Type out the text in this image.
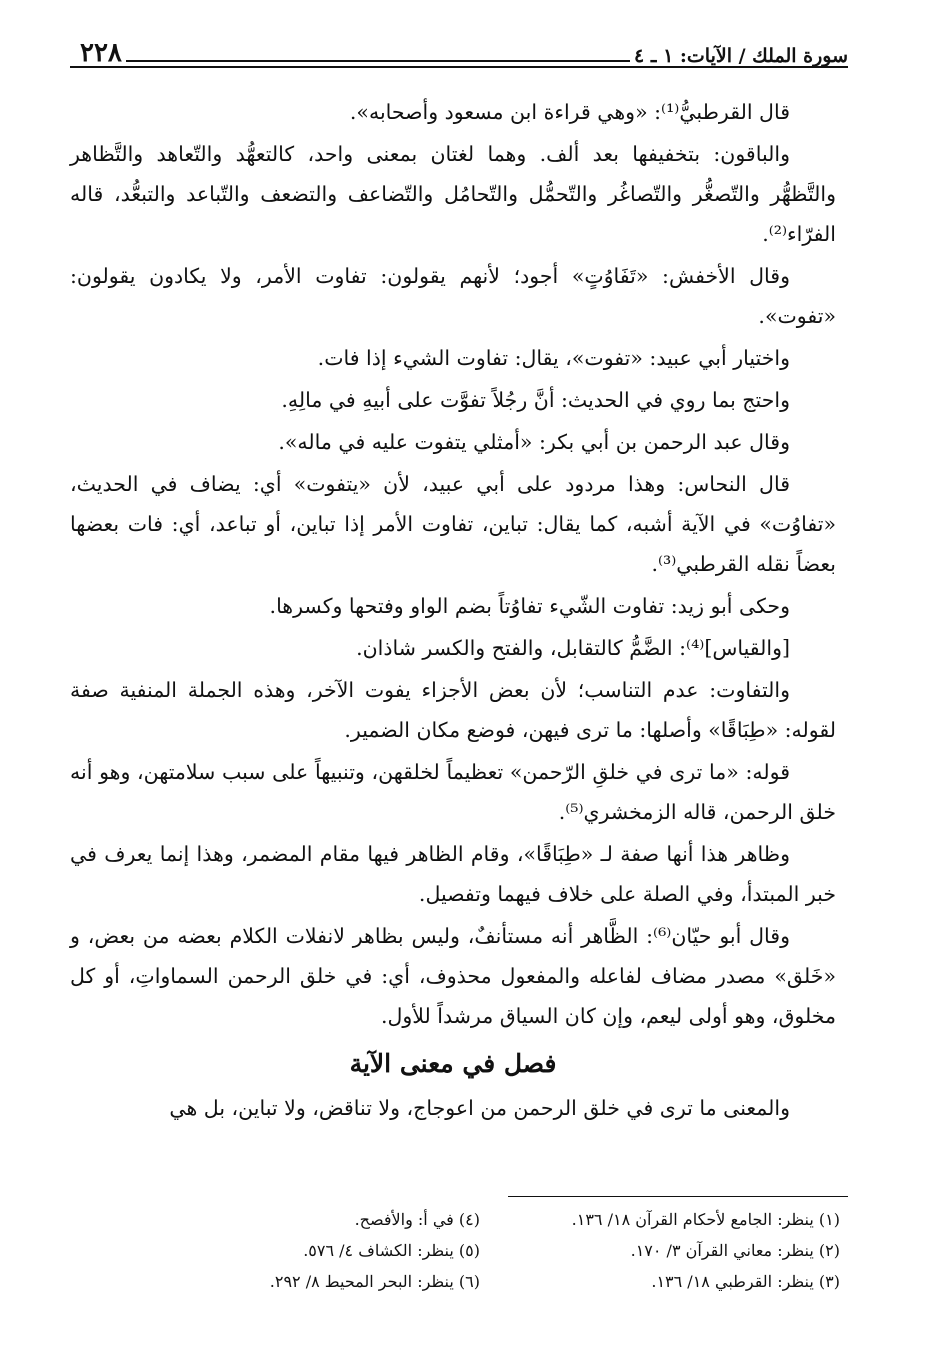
سورة الملك / الآيات: ١ ـ ٤
٢٢٨

قال القرطبيُّ⁽¹⁾: «وهي قراءة ابن مسعود وأصحابه».

والباقون: بتخفيفها بعد ألف. وهما لغتان بمعنى واحد، كالتعهُّد والتّعاهد والتَّظاهر والتَّظهُّر والتّصغُّر والتّصاغُر والتّحمُّل والتّحامُل والتّضاعف والتضعف والتّباعد والتبعُّد، قاله الفرّاء⁽²⁾.

وقال الأخفش: «تَفَاوُتٍ» أجود؛ لأنهم يقولون: تفاوت الأمر، ولا يكادون يقولون: «تفوت».

واختيار أبي عبيد: «تفوت»، يقال: تفاوت الشيء إذا فات.

واحتج بما روي في الحديث: أنَّ رجُلاً تفوَّت على أبيهِ في مالِهِ.

وقال عبد الرحمن بن أبي بكر: «أمثلي يتفوت عليه في ماله».

قال النحاس: وهذا مردود على أبي عبيد، لأن «يتفوت» أي: يضاف في الحديث، «تفاوُت» في الآية أشبه، كما يقال: تباين، تفاوت الأمر إذا تباين، أو تباعد، أي: فات بعضها بعضاً نقله القرطبي⁽³⁾.

وحكى أبو زيد: تفاوت الشّيء تفاوُتاً بضم الواو وفتحها وكسرها.

[والقياس]⁽⁴⁾: الضَّمُّ كالتقابل، والفتح والكسر شاذان.

والتفاوت: عدم التناسب؛ لأن بعض الأجزاء يفوت الآخر، وهذه الجملة المنفية صفة لقوله: «طِبَاقًا» وأصلها: ما ترى فيهن، فوضع مكان الضمير.

قوله: «ما ترى في خلقِ الرّحمن» تعظيماً لخلقهن، وتنبيهاً على سبب سلامتهن، وهو أنه خلق الرحمن، قاله الزمخشري⁽⁵⁾.

وظاهر هذا أنها صفة لـ «طِبَاقًا»، وقام الظاهر فيها مقام المضمر، وهذا إنما يعرف في خبر المبتدأ، وفي الصلة على خلاف فيهما وتفصيل.

وقال أبو حيّان⁽⁶⁾: الظَّاهر أنه مستأنفٌ، وليس بظاهر لانفلات الكلام بعضه من بعض، و «خَلق» مصدر مضاف لفاعله والمفعول محذوف، أي: في خلق الرحمن السماواتِ، أو كل مخلوق، وهو أولى ليعم، وإن كان السياق مرشداً للأول.

فصل في معنى الآية

والمعنى ما ترى في خلق الرحمن من اعوجاج، ولا تناقض، ولا تباين، بل هي

(١) ينظر: الجامع لأحكام القرآن ١٨/ ١٣٦.
(٤) في أ: والأفصح.
(٢) ينظر: معاني القرآن ٣/ ١٧٠.
(٥) ينظر: الكشاف ٤/ ٥٧٦.
(٣) ينظر: القرطبي ١٨/ ١٣٦.
(٦) ينظر: البحر المحيط ٨/ ٢٩٢.
